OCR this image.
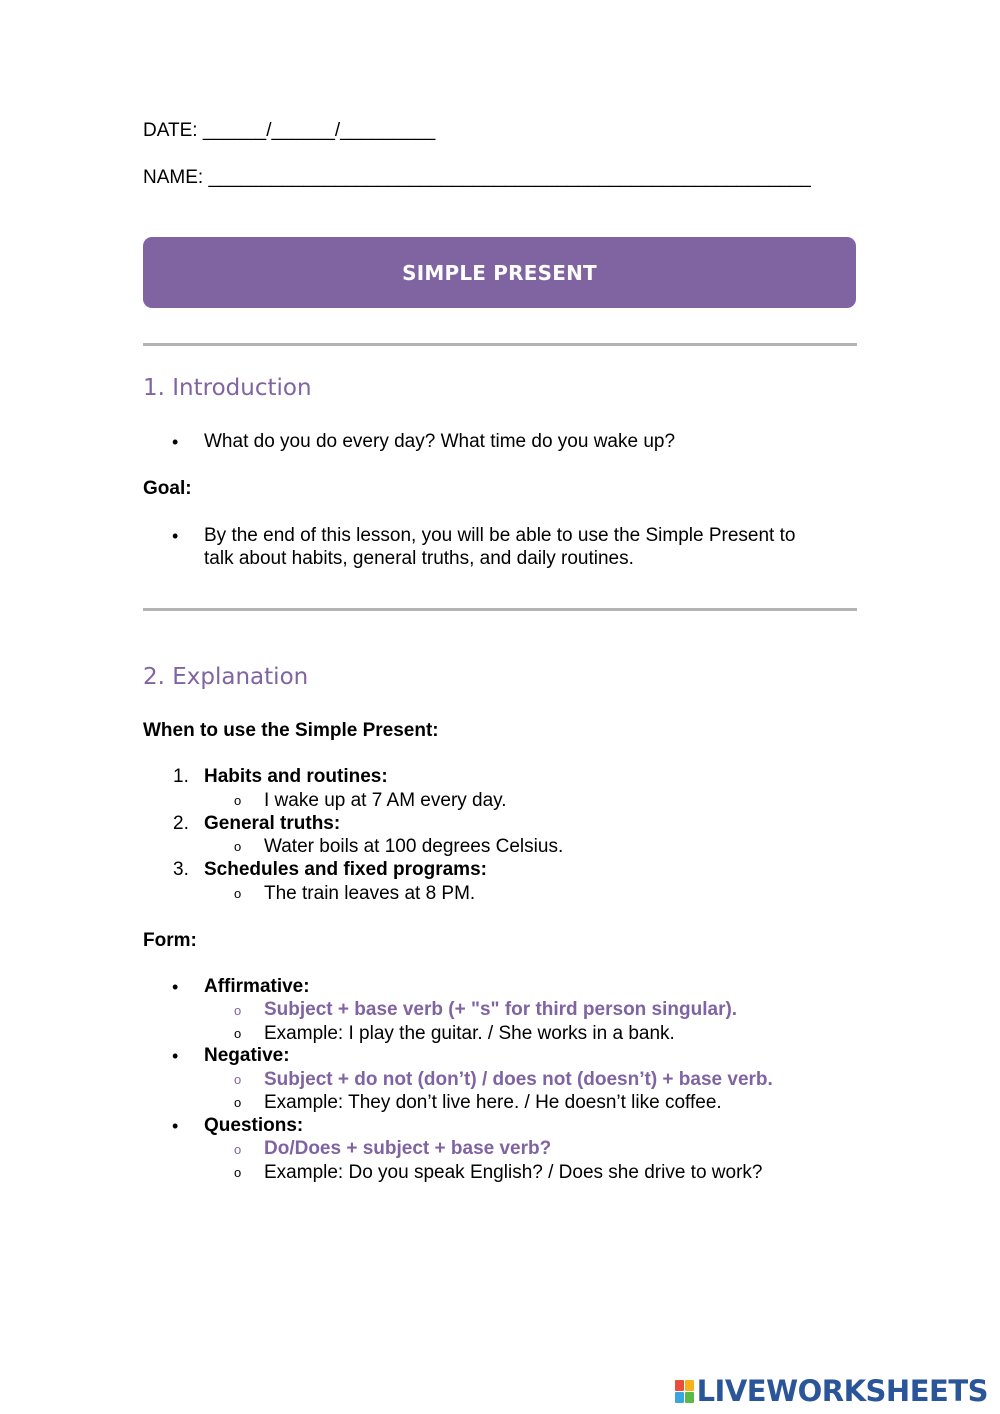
DATE: ______/______/_________
NAME: _________________________________________________________
SIMPLE PRESENT
1. Introduction
• What do you do every day? What time do you wake up?
Goal:
• By the end of this lesson, you will be able to use the Simple Present to
talk about habits, general truths, and daily routines.
2. Explanation
When to use the Simple Present:
1. Habits and routines:
o I wake up at 7 AM every day.
2. General truths:
o Water boils at 100 degrees Celsius.
3. Schedules and fixed programs:
o The train leaves at 8 PM.
Form:
• Affirmative:
o Subject + base verb (+ "s" for third person singular).
o Example: I play the guitar. / She works in a bank.
• Negative:
o Subject + do not (don’t) / does not (doesn’t) + base verb.
o Example: They don’t live here. / He doesn’t like coffee.
• Questions:
o Do/Does + subject + base verb?
o Example: Do you speak English? / Does she drive to work?
LIVEWORKSHEETS
